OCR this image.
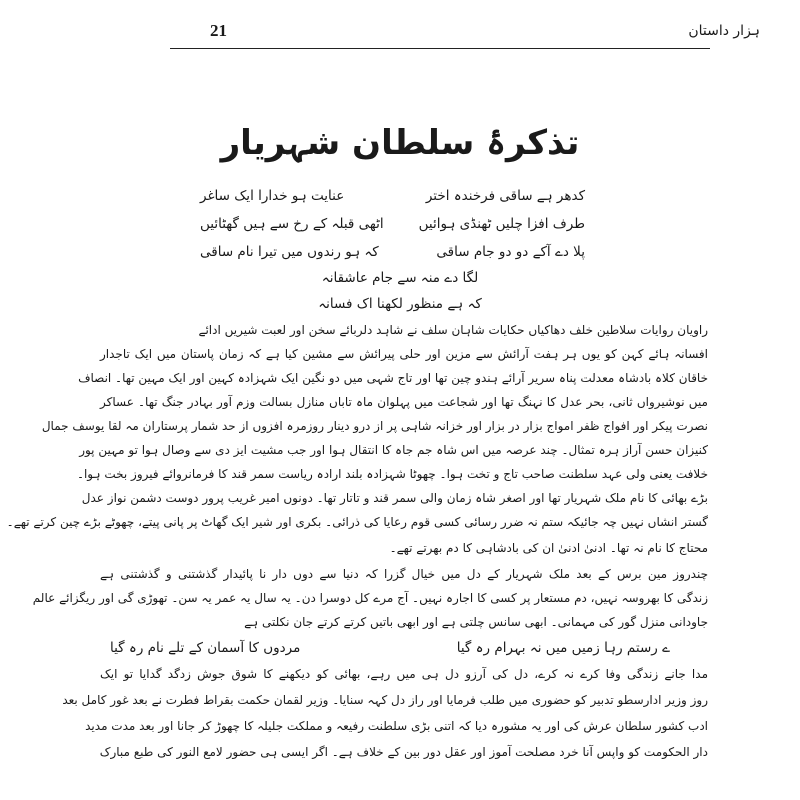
21	ہزار داستان
تذکرۂ سلطان شہریار
کدھر ہے ساقی فرخندہ اختر
عنایت ہو خدارا ایک ساغر
طرف افزا چلیں ٹھنڈی ہوائیں
اٹھی قبلہ کے رخ سے ہیں گھٹائیں
پلا دے آکے دو دو جام ساقی
کہ ہو رندوں میں تیرا نام ساقی
لگا دے منہ سے جام عاشقانہ
کہ ہے منظور لکھنا اک فسانہ
راویان روایات سلاطین خلف دھاکیاں حکایات شاہان سلف نے شاہد دلربائے سخن اور لعبت شیریں ادائے
افسانہ ہائے کہن کو یوں ہر ہفت آرائش سے مزین اور حلی پیرائش سے مشین کیا ہے کہ زمان پاستان میں ایک تاجدار
خاقان کلاہ بادشاہ معدلت پناہ سریر آرائے ہندو چین تھا اور تاج شہی میں دو نگین ایک شہزادہ کہین اور ایک مہین تھا۔ انصاف
میں نوشیرواں ثانی، بحر عدل کا نہنگ تھا اور شجاعت میں پہلوان ماہ تاباں منازل بسالت وزم آور بہادر جنگ تھا۔ عساکر
نصرت پیکر اور افواج ظفر امواج بزار در بزار اور خزانہ شاہی پر از درو دینار روزمرہ افزوں از حد شمار پرستاران مہ لقا یوسف جمال
کنیزان حسن آراز ہرہ تمثال۔ چند عرصہ میں اس شاہ جم جاہ کا انتقال ہوا اور جب مشیت ایز دی سے وصال ہوا تو مہین پور
خلافت یعنی ولی عہد سلطنت صاحب تاج و تخت ہوا۔ چھوٹا شہزادہ بلند ارادہ ریاست سمر قند کا فرمانروائے فیروز بخت ہوا۔
بڑے بھائی کا نام ملک شہریار تھا اور اصغر شاہ زمان والی سمر قند و تاتار تھا۔ دونوں امیر غریب پرور دوست دشمن نواز عدل
گستر انشاں نہیں چہ جائیکہ ستم نہ ضرر رسائی کسی قوم رعایا کی ذرائی۔ بکری اور شیر ایک گھاٹ پر پانی پیتے، چھوٹے بڑے چین کرتے تھے۔
محتاج کا نام نہ تھا۔ ادنیٰ ادنیٰ ان کی بادشاہی کا دم بھرتے تھے۔
چندروز مین برس کے بعد ملک شہریار کے دل میں خیال گزرا کہ دنیا سے دوں دار نا پائیدار گذشتنی و گذشتنی ہے
زندگی کا بھروسہ نہیں، دم مستعار پر کسی کا اجارہ نہیں۔ آج مرے کل دوسرا دن۔ یہ سال یہ عمر یہ سن۔ تھوڑی گی اور ریگزائے عالم
جاودانی منزل گور کی مہمانی۔ ابھی سانس چلتی ہے اور ابھی باتیں کرتے کرتے جان نکلتی ہے
ے رستم رہا زمیں میں نہ بہرام رہ گیا
مردوں کا آسمان کے تلے نام رہ گیا
مدا جانے زندگی وفا کرے نہ کرے، دل کی آرزو دل ہی میں رہے، بھائی کو دیکھنے کا شوق جوش زدگد گدایا تو ایک
روز وزیر ادارسطو تدبیر کو حضوری میں طلب فرمایا اور راز دل کہہ سنایا۔ وزیر لقمان حکمت بقراط فطرت نے بعد غور کامل بعد
ادب کشور سلطان عرش کی اور یہ مشورہ دیا کہ اتنی بڑی سلطنت رفیعہ و مملکت جلیلہ کا چھوڑ کر جانا اور بعد مدت مدید
دار الحکومت کو واپس آنا خرد مصلحت آموز اور عقل دور بین کے خلاف ہے۔ اگر ایسی ہی حضور لامع النور کی طبع مبارک
